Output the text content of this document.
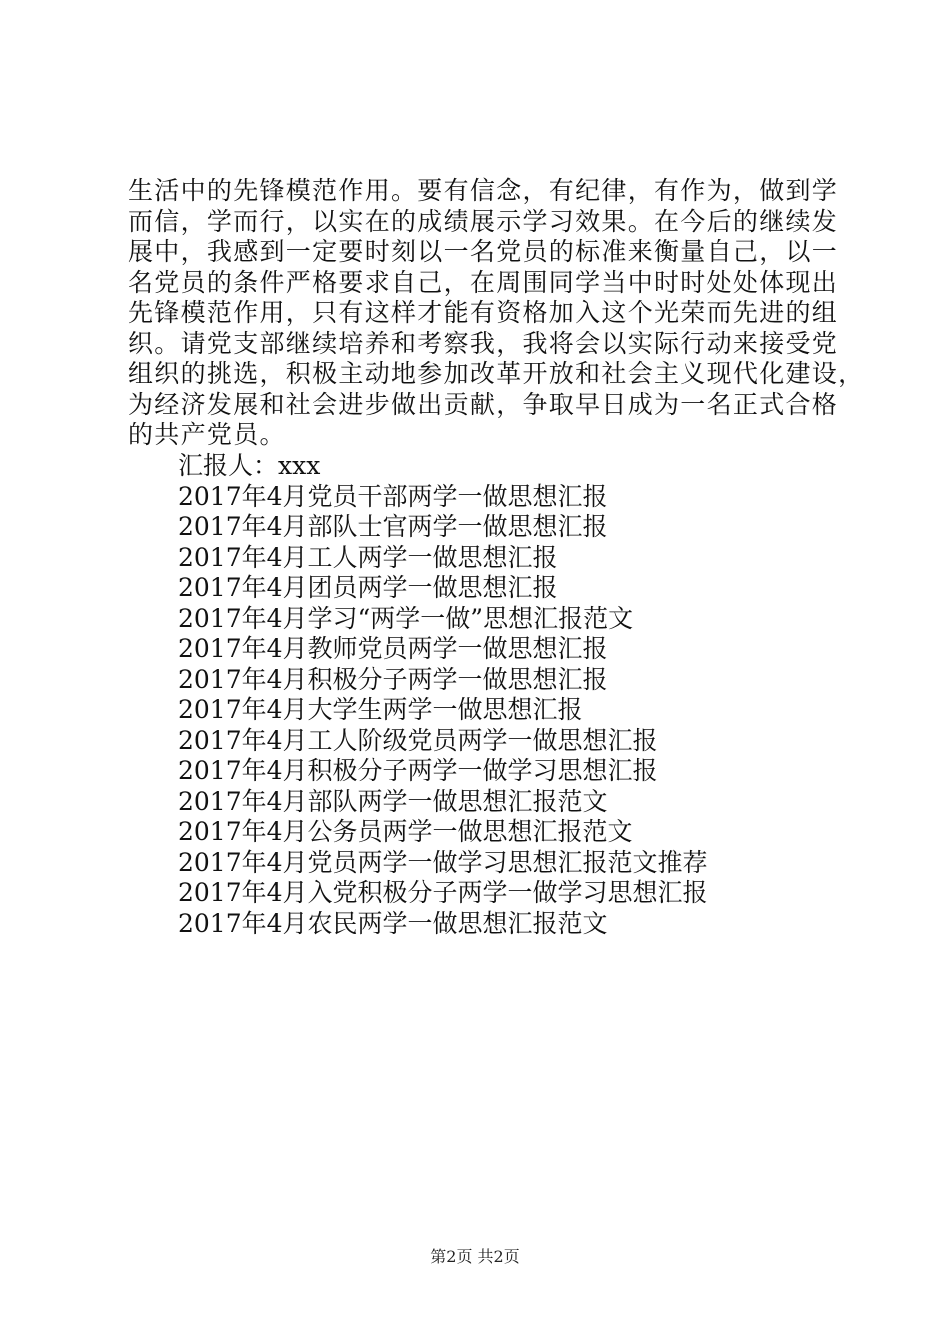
生活中的先锋模范作用。要有信念，有纪律，有作为，做到学
而信，学而行，以实在的成绩展示学习效果。在今后的继续发
展中，我感到一定要时刻以一名党员的标准来衡量自己，以一
名党员的条件严格要求自己，在周围同学当中时时处处体现出
先锋模范作用，只有这样才能有资格加入这个光荣而先进的组
织。请党支部继续培养和考察我，我将会以实际行动来接受党
组织的挑选，积极主动地参加改革开放和社会主义现代化建设，
为经济发展和社会进步做出贡献，争取早日成为一名正式合格
的共产党员。
汇报人：xxx
2017年4月党员干部两学一做思想汇报
2017年4月部队士官两学一做思想汇报
2017年4月工人两学一做思想汇报
2017年4月团员两学一做思想汇报
2017年4月学习“两学一做”思想汇报范文
2017年4月教师党员两学一做思想汇报
2017年4月积极分子两学一做思想汇报
2017年4月大学生两学一做思想汇报
2017年4月工人阶级党员两学一做思想汇报
2017年4月积极分子两学一做学习思想汇报
2017年4月部队两学一做思想汇报范文
2017年4月公务员两学一做思想汇报范文
2017年4月党员两学一做学习思想汇报范文推荐
2017年4月入党积极分子两学一做学习思想汇报
2017年4月农民两学一做思想汇报范文
第2页 共2页
